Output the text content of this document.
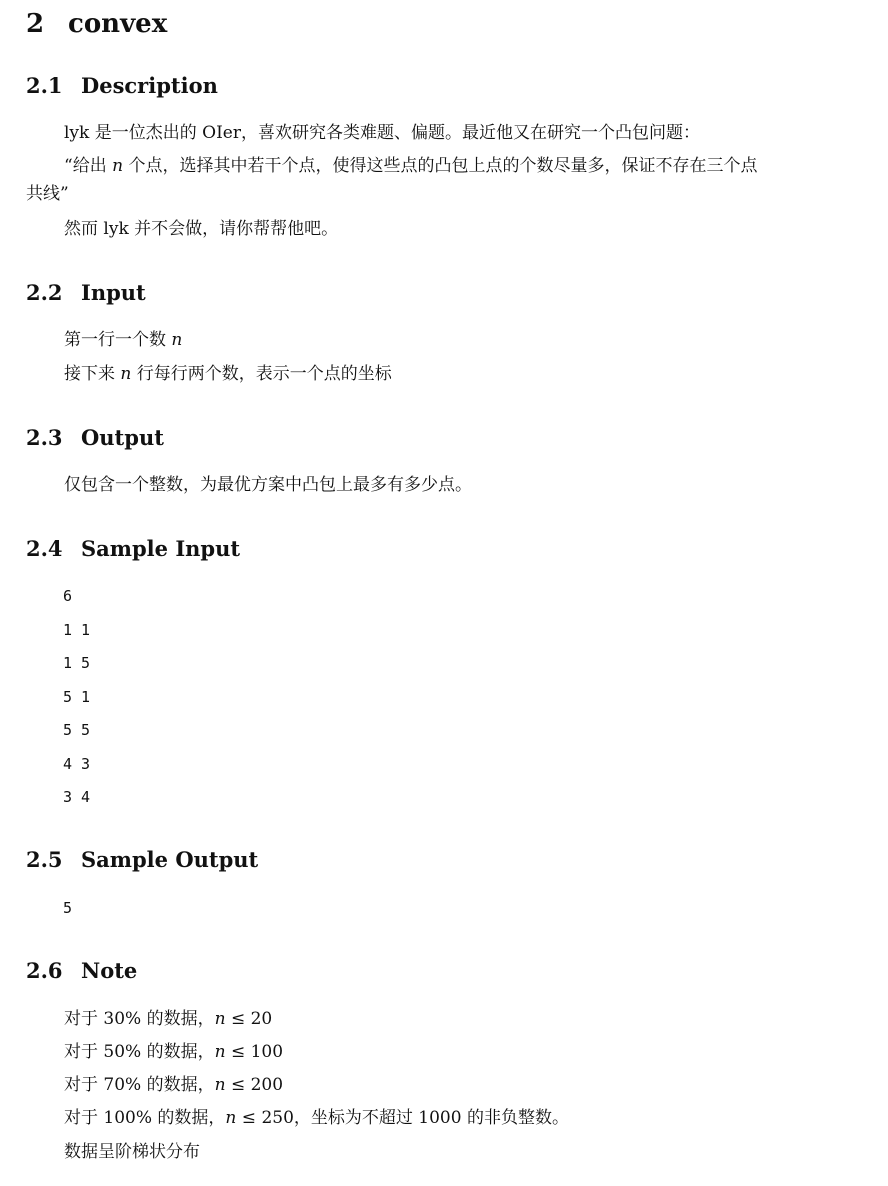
2 convex
2.1 Description
lyk 是一位杰出的 OIer，喜欢研究各类难题、偏题。最近他又在研究一个凸包问题：
“给出 n 个点，选择其中若干个点，使得这些点的凸包上点的个数尽量多，保证不存在三个点
共线”
然而 lyk 并不会做，请你帮帮他吧。
2.2 Input
第一行一个数 n
接下来 n 行每行两个数，表示一个点的坐标
2.3 Output
仅包含一个整数，为最优方案中凸包上最多有多少点。
2.4 Sample Input
6
1 1
1 5
5 1
5 5
4 3
3 4
2.5 Sample Output
5
2.6 Note
对于 30% 的数据，n ≤ 20
对于 50% 的数据，n ≤ 100
对于 70% 的数据，n ≤ 200
对于 100% 的数据，n ≤ 250，坐标为不超过 1000 的非负整数。
数据呈阶梯状分布
